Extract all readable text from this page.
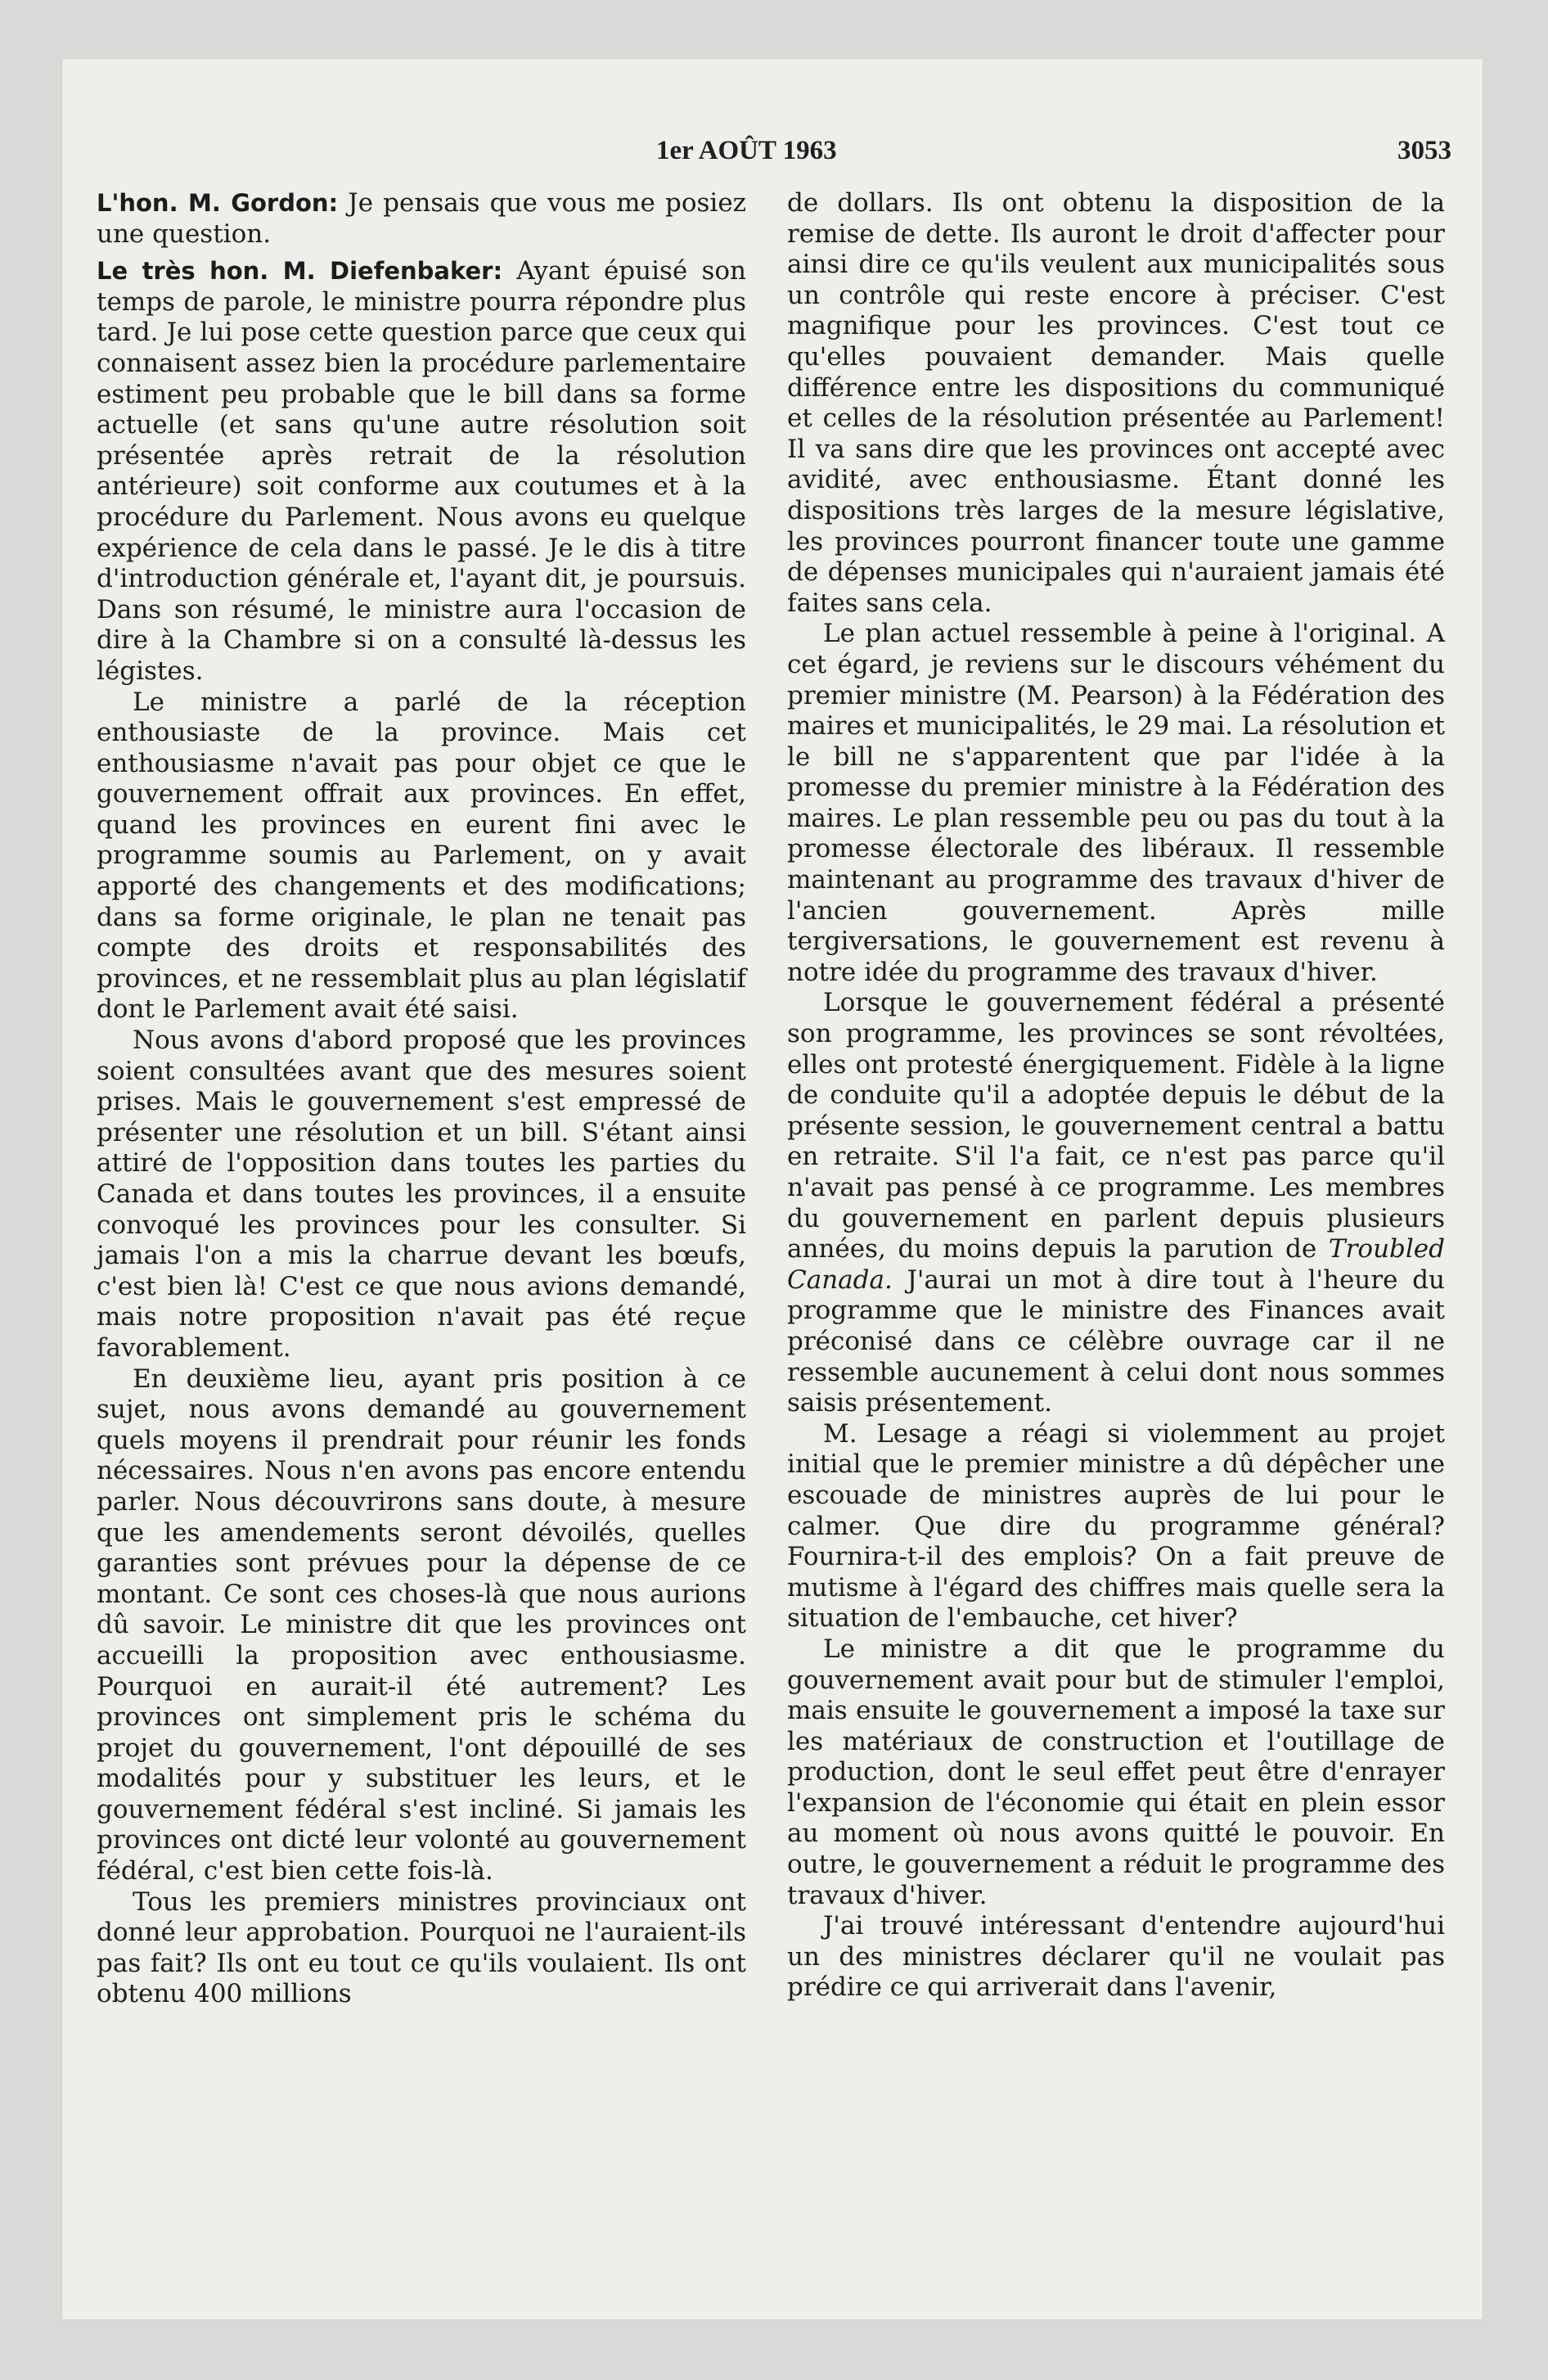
1er AOÛT 1963	3053

L'hon. M. Gordon: Je pensais que vous me posiez une question.

Le très hon. M. Diefenbaker: Ayant épuisé son temps de parole, le ministre pourra répondre plus tard. Je lui pose cette question parce que ceux qui connaisent assez bien la procédure parlementaire estiment peu probable que le bill dans sa forme actuelle (et sans qu'une autre résolution soit présentée après retrait de la résolution antérieure) soit conforme aux coutumes et à la procédure du Parlement. Nous avons eu quelque expérience de cela dans le passé. Je le dis à titre d'introduction générale et, l'ayant dit, je poursuis. Dans son résumé, le ministre aura l'occasion de dire à la Chambre si on a consulté là-dessus les légistes.

Le ministre a parlé de la réception enthousiaste de la province. Mais cet enthousiasme n'avait pas pour objet ce que le gouvernement offrait aux provinces. En effet, quand les provinces en eurent fini avec le programme soumis au Parlement, on y avait apporté des changements et des modifications; dans sa forme originale, le plan ne tenait pas compte des droits et responsabilités des provinces, et ne ressemblait plus au plan législatif dont le Parlement avait été saisi.

Nous avons d'abord proposé que les provinces soient consultées avant que des mesures soient prises. Mais le gouvernement s'est empressé de présenter une résolution et un bill. S'étant ainsi attiré de l'opposition dans toutes les parties du Canada et dans toutes les provinces, il a ensuite convoqué les provinces pour les consulter. Si jamais l'on a mis la charrue devant les bœufs, c'est bien là! C'est ce que nous avions demandé, mais notre proposition n'avait pas été reçue favorablement.

En deuxième lieu, ayant pris position à ce sujet, nous avons demandé au gouvernement quels moyens il prendrait pour réunir les fonds nécessaires. Nous n'en avons pas encore entendu parler. Nous découvrirons sans doute, à mesure que les amendements seront dévoilés, quelles garanties sont prévues pour la dépense de ce montant. Ce sont ces choses-là que nous aurions dû savoir. Le ministre dit que les provinces ont accueilli la proposition avec enthousiasme. Pourquoi en aurait-il été autrement? Les provinces ont simplement pris le schéma du projet du gouvernement, l'ont dépouillé de ses modalités pour y substituer les leurs, et le gouvernement fédéral s'est incliné. Si jamais les provinces ont dicté leur volonté au gouvernement fédéral, c'est bien cette fois-là.

Tous les premiers ministres provinciaux ont donné leur approbation. Pourquoi ne l'auraient-ils pas fait? Ils ont eu tout ce qu'ils voulaient. Ils ont obtenu 400 millions

de dollars. Ils ont obtenu la disposition de la remise de dette. Ils auront le droit d'affecter pour ainsi dire ce qu'ils veulent aux municipalités sous un contrôle qui reste encore à préciser. C'est magnifique pour les provinces. C'est tout ce qu'elles pouvaient demander. Mais quelle différence entre les dispositions du communiqué et celles de la résolution présentée au Parlement! Il va sans dire que les provinces ont accepté avec avidité, avec enthousiasme. Étant donné les dispositions très larges de la mesure législative, les provinces pourront financer toute une gamme de dépenses municipales qui n'auraient jamais été faites sans cela.

Le plan actuel ressemble à peine à l'original. A cet égard, je reviens sur le discours véhément du premier ministre (M. Pearson) à la Fédération des maires et municipalités, le 29 mai. La résolution et le bill ne s'apparentent que par l'idée à la promesse du premier ministre à la Fédération des maires. Le plan ressemble peu ou pas du tout à la promesse électorale des libéraux. Il ressemble maintenant au programme des travaux d'hiver de l'ancien gouvernement. Après mille tergiversations, le gouvernement est revenu à notre idée du programme des travaux d'hiver.

Lorsque le gouvernement fédéral a présenté son programme, les provinces se sont révoltées, elles ont protesté énergiquement. Fidèle à la ligne de conduite qu'il a adoptée depuis le début de la présente session, le gouvernement central a battu en retraite. S'il l'a fait, ce n'est pas parce qu'il n'avait pas pensé à ce programme. Les membres du gouvernement en parlent depuis plusieurs années, du moins depuis la parution de Troubled Canada. J'aurai un mot à dire tout à l'heure du programme que le ministre des Finances avait préconisé dans ce célèbre ouvrage car il ne ressemble aucunement à celui dont nous sommes saisis présentement.

M. Lesage a réagi si violemment au projet initial que le premier ministre a dû dépêcher une escouade de ministres auprès de lui pour le calmer. Que dire du programme général? Fournira-t-il des emplois? On a fait preuve de mutisme à l'égard des chiffres mais quelle sera la situation de l'embauche, cet hiver?

Le ministre a dit que le programme du gouvernement avait pour but de stimuler l'emploi, mais ensuite le gouvernement a imposé la taxe sur les matériaux de construction et l'outillage de production, dont le seul effet peut être d'enrayer l'expansion de l'économie qui était en plein essor au moment où nous avons quitté le pouvoir. En outre, le gouvernement a réduit le programme des travaux d'hiver.

J'ai trouvé intéressant d'entendre aujourd'hui un des ministres déclarer qu'il ne voulait pas prédire ce qui arriverait dans l'avenir,
